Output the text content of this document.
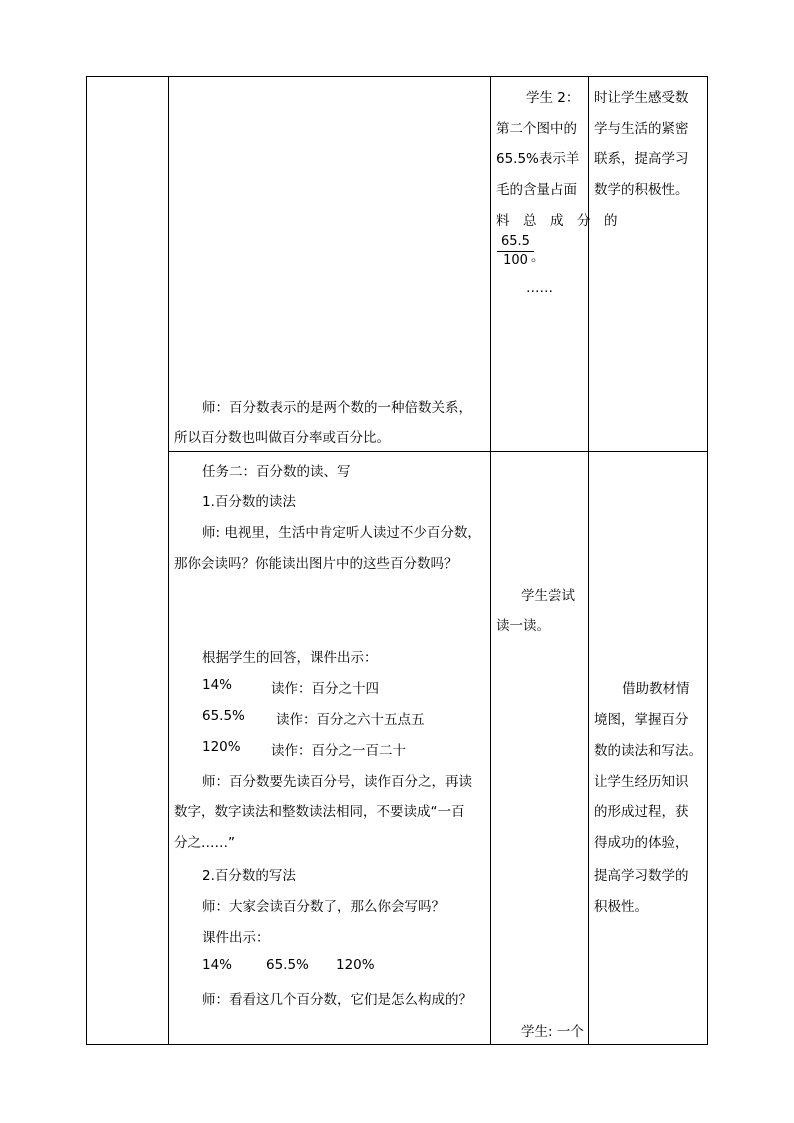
师：百分数表示的是两个数的一种倍数关系，
所以百分数也叫做百分率或百分比。
学生 2：
第二个图中的
65.5%表示羊
毛的含量占面
料 总 成 分 的
65.5
100 。
……
时让学生感受数
学与生活的紧密
联系，提高学习
数学的积极性。
任务二：百分数的读、写
1.百分数的读法
师: 电视里，生活中肯定听人读过不少百分数，
那你会读吗？你能读出图片中的这些百分数吗？
根据学生的回答，课件出示：
14%	读作：百分之十四
65.5% 读作：百分之六十五点五
120% 读作：百分之一百二十
师：百分数要先读百分号，读作百分之，再读
数字，数字读法和整数读法相同，不要读成“一百
分之……”
2.百分数的写法
师：大家会读百分数了，那么你会写吗？
课件出示：
14%	65.5% 120%
师：看看这几个百分数，它们是怎么构成的？
学生尝试
读一读。
学生: 一个
借助教材情
境图，掌握百分
数的读法和写法。
让学生经历知识
的形成过程，获
得成功的体验，
提高学习数学的
积极性。
